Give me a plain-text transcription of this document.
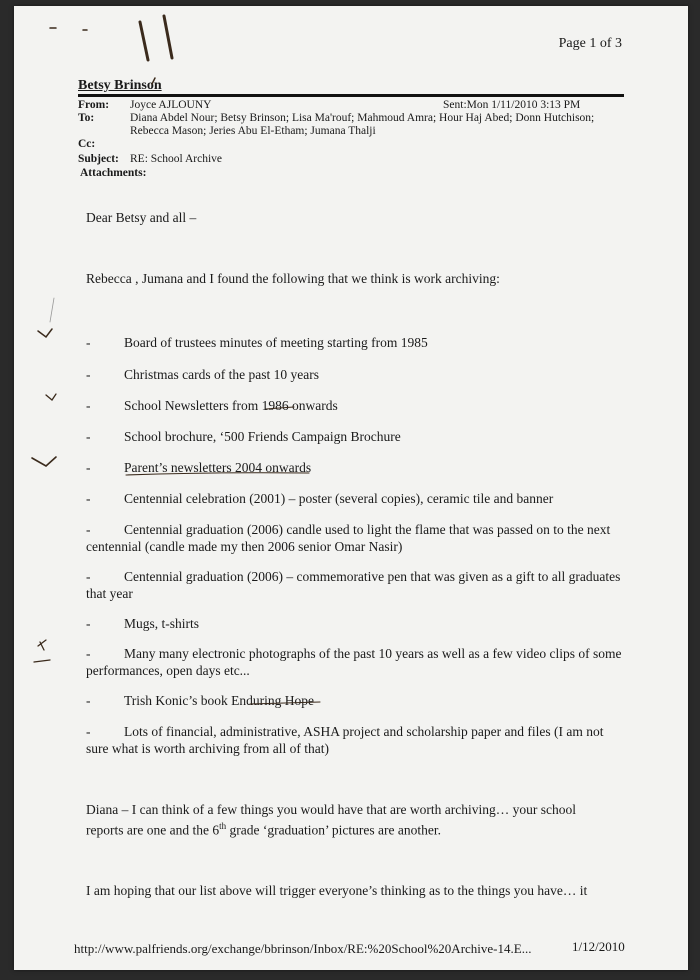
Page 1 of 3
Betsy Brinson
From: Joyce AJLOUNY	Sent:Mon 1/11/2010 3:13 PM
To:	Diana Abdel Nour; Betsy Brinson; Lisa Ma'rouf; Mahmoud Amra; Hour Haj Abed; Donn Hutchison; Rebecca Mason; Jeries Abu El-Etham; Jumana Thalji
Cc:
Subject: RE: School Archive
Attachments:
Dear Betsy and all –
Rebecca , Jumana and I found the following that we think is work archiving:
- Board of trustees minutes of meeting starting from 1985
- Christmas cards of the past 10 years
- School Newsletters from 1986 onwards
- School brochure, ‘500 Friends Campaign Brochure
- Parent’s newsletters 2004 onwards
- Centennial celebration (2001) – poster (several copies), ceramic tile and banner
-	Centennial graduation (2006) candle used to light the flame that was passed on to the next centennial (candle made my then 2006 senior Omar Nasir)
-	Centennial graduation (2006) – commemorative pen that was given as a gift to all graduates that year
- Mugs, t-shirts
-	Many many electronic photographs of the past 10 years as well as a few video clips of some performances, open days etc...
- Trish Konic’s book Enduring Hope
-	Lots of financial, administrative, ASHA project and scholarship paper and files (I am not sure what is worth archiving from all of that)
Diana – I can think of a few things you would have that are worth archiving… your school reports are one and the 6th grade ‘graduation’ pictures are another.
I am hoping that our list above will trigger everyone’s thinking as to the things you have… it
http://www.palfriends.org/exchange/bbrinson/Inbox/RE:%20School%20Archive-14.E...	1/12/2010
